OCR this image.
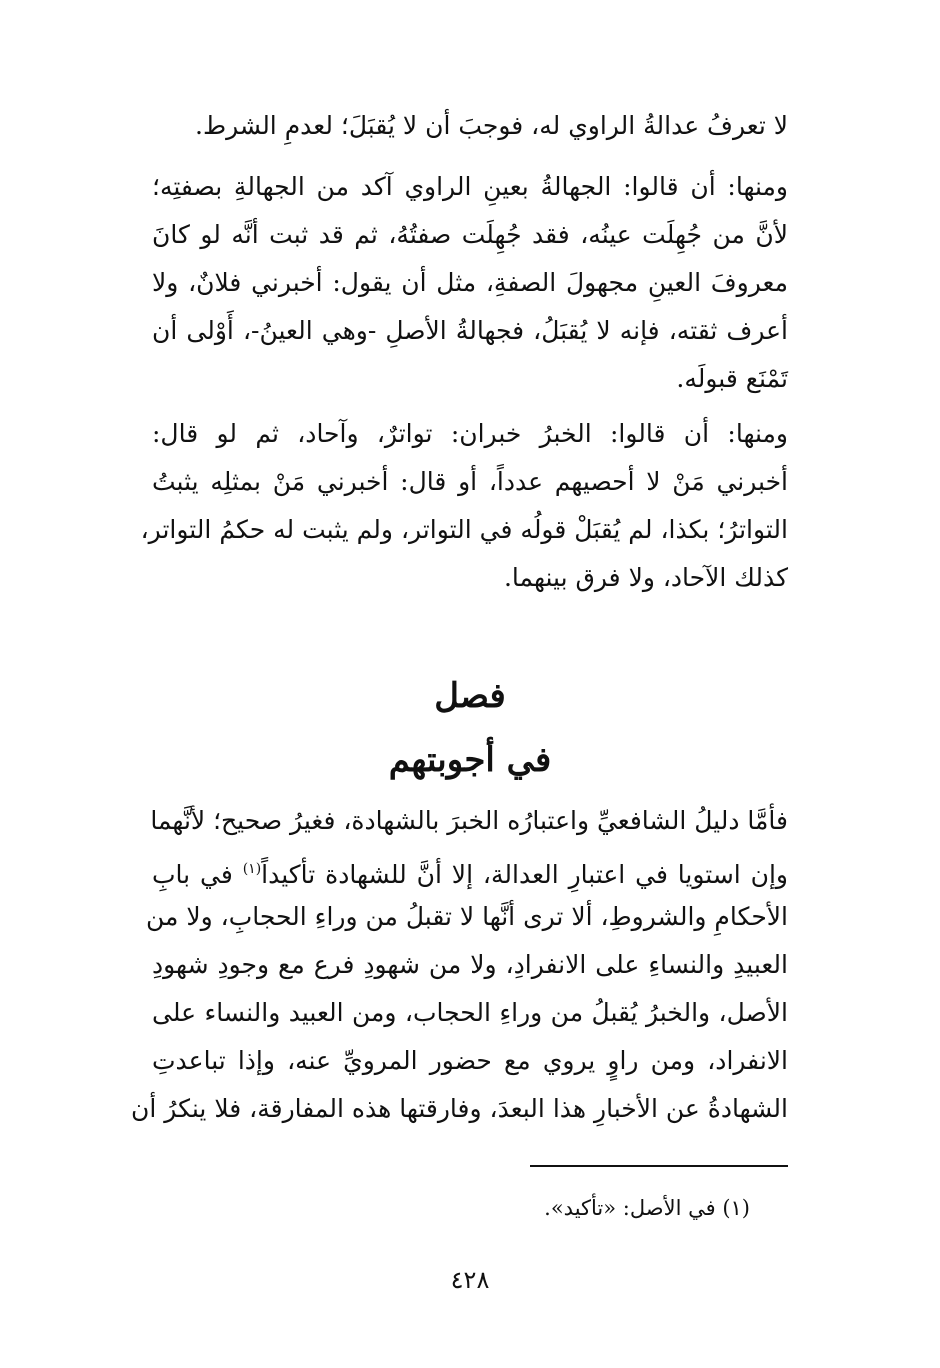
لا تعرفُ عدالةُ الراوي له، فوجبَ أن لا يُقبَلَ؛ لعدمِ الشرط.
ومنها: أن قالوا: الجهالةُ بعينِ الراوي آكد من الجهالةِ بصفتِه؛
لأنَّ من جُهِلَت عينُه، فقد جُهِلَت صفتُهُ، ثم قد ثبت أنَّه لو كانَ
معروفَ العينِ مجهولَ الصفةِ، مثل أن يقول: أخبرني فلانٌ، ولا
أعرف ثقته، فإنه لا يُقبَلُ، فجهالةُ الأصلِ -وهي العينُ-، أَوْلى أن
تَمْنَع قبولَه.
ومنها: أن قالوا: الخبرُ خبران: تواترٌ، وآحاد، ثم لو قال:
أخبرني مَنْ لا أحصيهم عدداً، أو قال: أخبرني مَنْ بمثلِه يثبتُ
التواترُ؛ بكذا، لم يُقبَلْ قولُه في التواتر، ولم يثبت له حكمُ التواتر،
كذلك الآحاد، ولا فرق بينهما.
فصل
في أجوبتهم
فأمَّا دليلُ الشافعيِّ واعتبارُه الخبرَ بالشهادة، فغيرُ صحيح؛ لأنَّهما
وإن استويا في اعتبارِ العدالة، إلا أنَّ للشهادة تأكيداً$^{(١)}$ في بابِ
الأحكامِ والشروطِ، ألا ترى أنَّها لا تقبلُ من وراءِ الحجابِ، ولا من
العبيدِ والنساءِ على الانفرادِ، ولا من شهودِ فرع مع وجودِ شهودِ
الأصل، والخبرُ يُقبلُ من وراءِ الحجاب، ومن العبيد والنساء على
الانفراد، ومن راوٍ يروي مع حضور المرويِّ عنه، وإذا تباعدتِ
الشهادةُ عن الأخبارِ هذا البعدَ، وفارقتها هذه المفارقة، فلا ينكرُ أن
(١) في الأصل: «تأكيد».
٤٢٨
